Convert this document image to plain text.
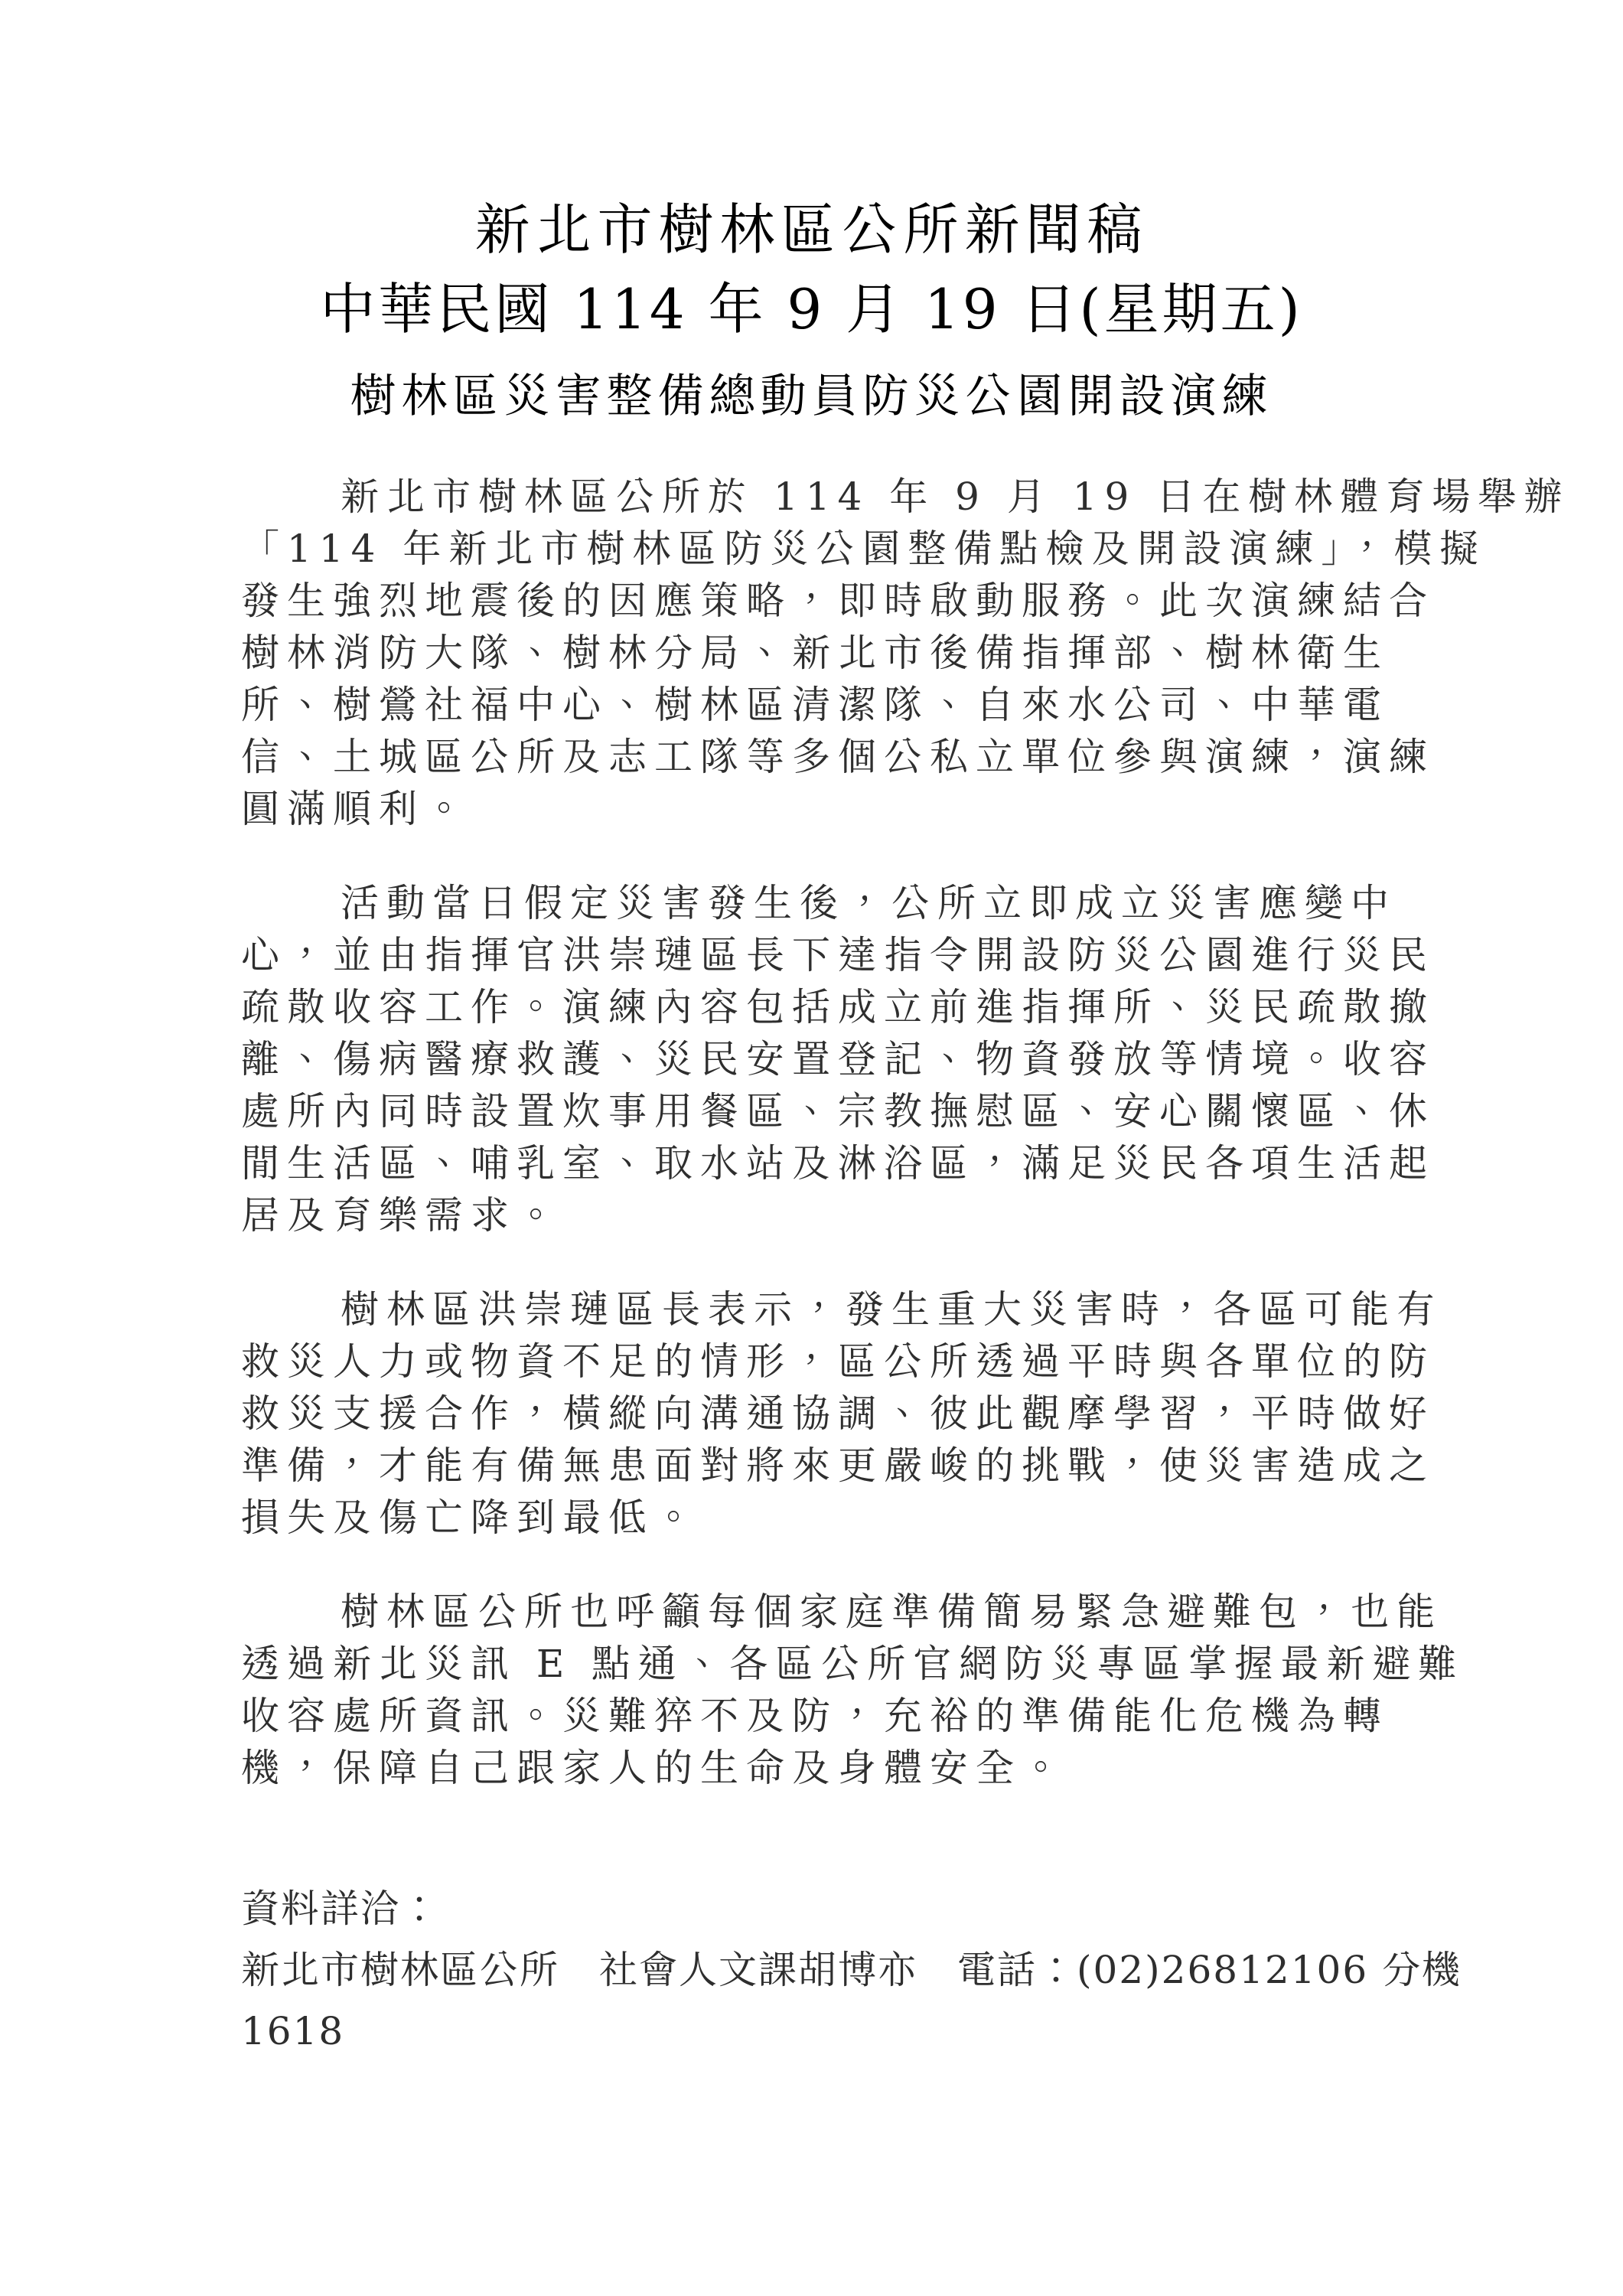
新北市樹林區公所新聞稿
中華民國 114 年 9 月 19 日(星期五)
樹林區災害整備總動員防災公園開設演練
新北市樹林區公所於 114 年 9 月 19 日在樹林體育場舉辦
「114 年新北市樹林區防災公園整備點檢及開設演練」，模擬
發生強烈地震後的因應策略，即時啟動服務。此次演練結合
樹林消防大隊、樹林分局、新北市後備指揮部、樹林衛生
所、樹鶯社福中心、樹林區清潔隊、自來水公司、中華電
信、土城區公所及志工隊等多個公私立單位參與演練，演練
圓滿順利。
活動當日假定災害發生後，公所立即成立災害應變中
心，並由指揮官洪崇璉區長下達指令開設防災公園進行災民
疏散收容工作。演練內容包括成立前進指揮所、災民疏散撤
離、傷病醫療救護、災民安置登記、物資發放等情境。收容
處所內同時設置炊事用餐區、宗教撫慰區、安心關懷區、休
閒生活區、哺乳室、取水站及淋浴區，滿足災民各項生活起
居及育樂需求。
樹林區洪崇璉區長表示，發生重大災害時，各區可能有
救災人力或物資不足的情形，區公所透過平時與各單位的防
救災支援合作，橫縱向溝通協調、彼此觀摩學習，平時做好
準備，才能有備無患面對將來更嚴峻的挑戰，使災害造成之
損失及傷亡降到最低。
樹林區公所也呼籲每個家庭準備簡易緊急避難包，也能
透過新北災訊 E 點通、各區公所官網防災專區掌握最新避難
收容處所資訊。災難猝不及防，充裕的準備能化危機為轉
機，保障自己跟家人的生命及身體安全。
資料詳洽：
新北市樹林區公所　社會人文課胡博亦　電話：(02)26812106 分機
1618
